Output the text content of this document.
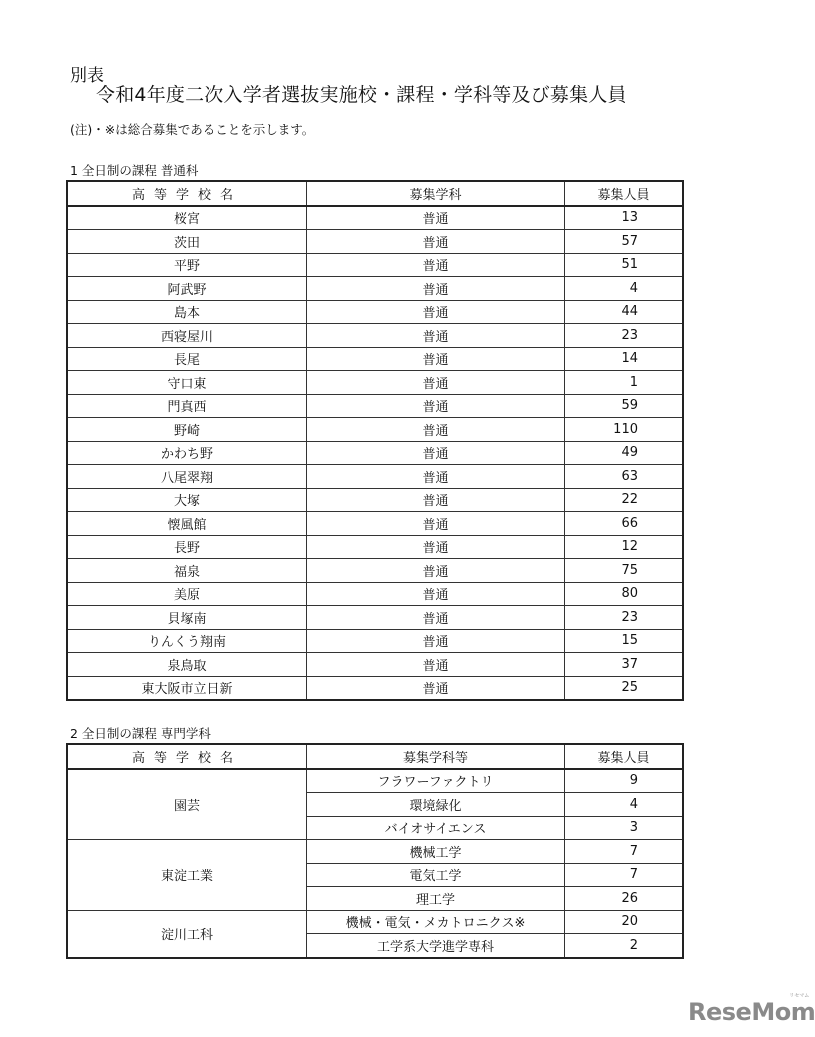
別表
令和4年度二次入学者選抜実施校・課程・学科等及び募集人員
(注)・※は総合募集であることを示します。
1 全日制の課程 普通科
高等学校名	募集学科	募集人員
桜宮	普通	13
茨田	普通	57
平野	普通	51
阿武野	普通	4
島本	普通	44
西寝屋川	普通	23
長尾	普通	14
守口東	普通	1
門真西	普通	59
野崎	普通	110
かわち野	普通	49
八尾翠翔	普通	63
大塚	普通	22
懐風館	普通	66
長野	普通	12
福泉	普通	75
美原	普通	80
貝塚南	普通	23
りんくう翔南	普通	15
泉鳥取	普通	37
東大阪市立日新	普通	25
2 全日制の課程 専門学科
高等学校名	募集学科等	募集人員
園芸	フラワーファクトリ	9
	環境緑化	4
	バイオサイエンス	3
東淀工業	機械工学	7
	電気工学	7
	理工学	26
淀川工科	機械・電気・メカトロニクス※	20
	工学系大学進学専科	2
ReseMom
リセマム
